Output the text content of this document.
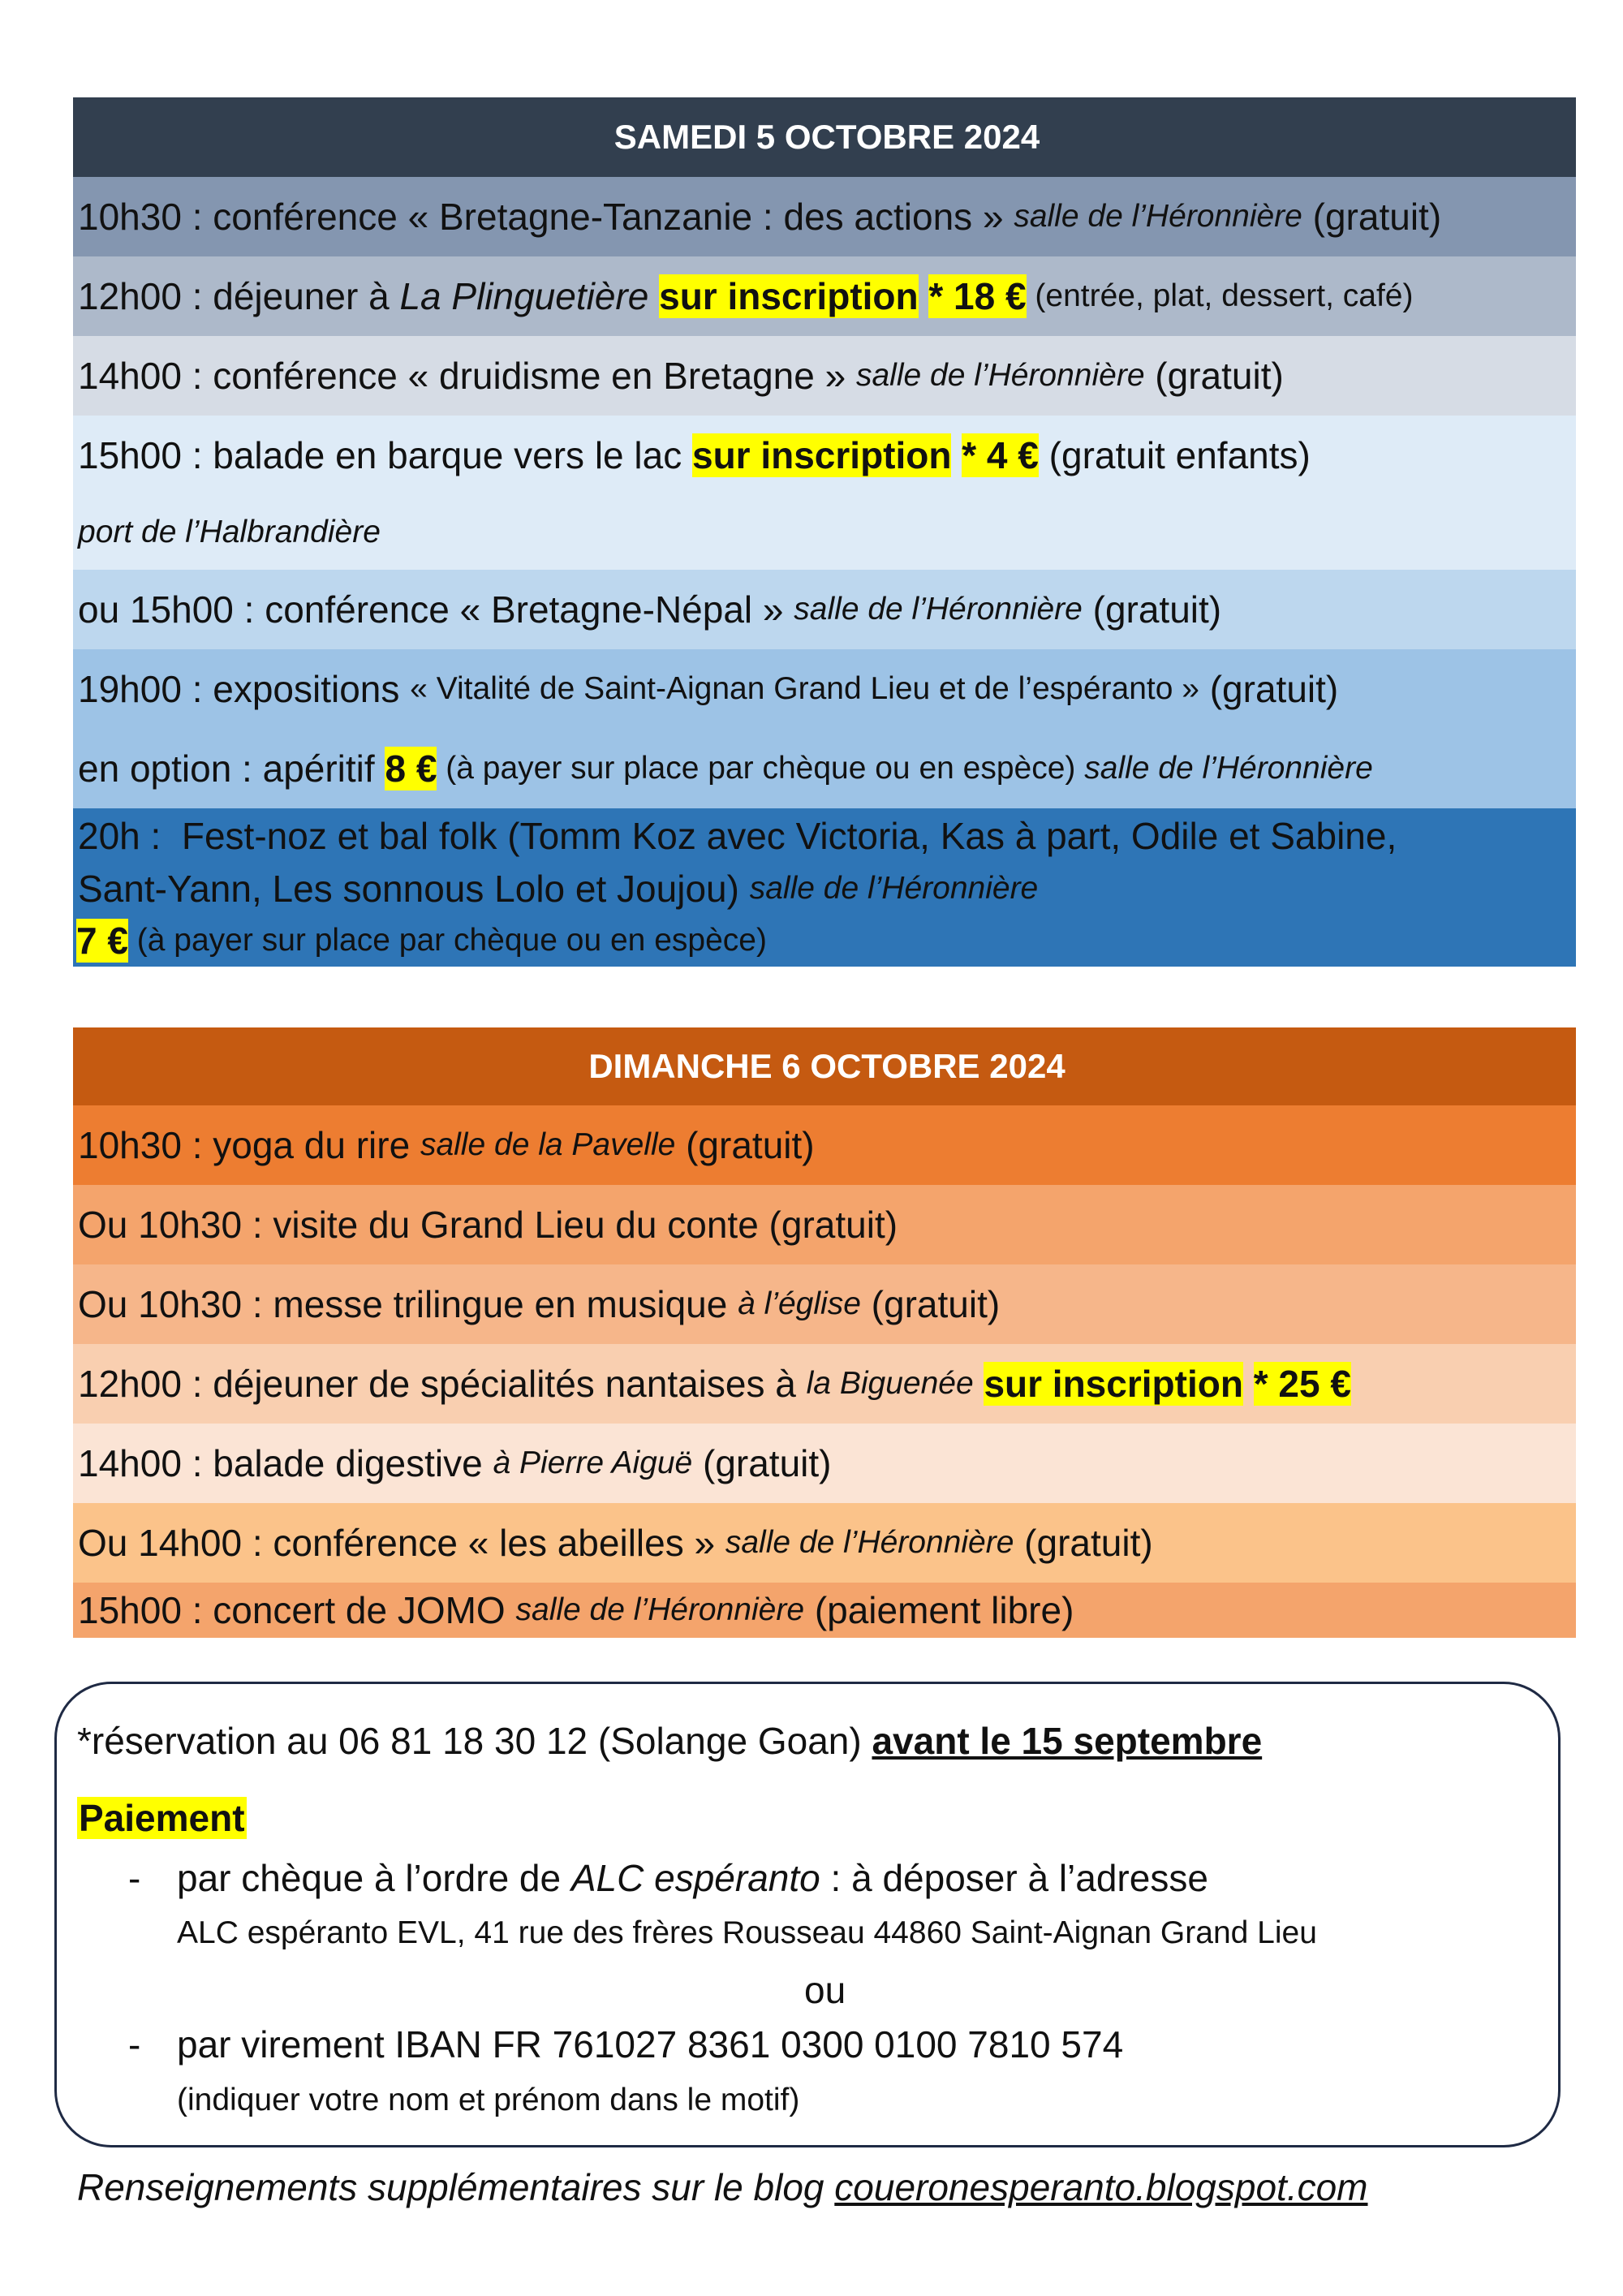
SAMEDI 5 OCTOBRE 2024
10h30 : conférence « Bretagne-Tanzanie : des actions » salle de l’Héronnière (gratuit)
12h00 : déjeuner à La Plinguetière
sur inscription
* 18 € (entrée, plat, dessert, café)
14h00 : conférence « druidisme en Bretagne » salle de l’Héronnière (gratuit)
15h00 : balade en barque vers le lac sur inscription
* 4 € (gratuit enfants)
port de l’Halbrandière
ou 15h00 : conférence « Bretagne-Népal » salle de l’Héronnière (gratuit)
19h00 : expositions « Vitalité de Saint-Aignan Grand Lieu et de l’espéranto » (gratuit)
en option : apéritif 8 € (à payer sur place par chèque ou en espèce) salle de l’Héronnière
20h :  Fest-noz et bal folk (Tomm Koz avec Victoria, Kas à part, Odile et Sabine,
Sant-Yann, Les sonnous Lolo et Joujou) salle de l’Héronnière
7 € (à payer sur place par chèque ou en espèce)
DIMANCHE 6 OCTOBRE 2024
10h30 : yoga du rire salle de la Pavelle (gratuit)
Ou 10h30 : visite du Grand Lieu du conte (gratuit)
Ou 10h30 : messe trilingue en musique à l’église (gratuit)
12h00 : déjeuner de spécialités nantaises à la Biguenée
sur inscription
* 25 €
14h00 : balade digestive à Pierre Aiguë (gratuit)
Ou 14h00 : conférence « les abeilles » salle de l’Héronnière (gratuit)
15h00 : concert de JOMO salle de l’Héronnière (paiement libre)
*réservation au 06 81 18 30 12 (Solange Goan) avant le 15 septembre
Paiement
- par chèque à l’ordre de ALC espéranto : à déposer à l’adresse
ALC espéranto EVL, 41 rue des frères Rousseau 44860 Saint-Aignan Grand Lieu
ou
- par virement IBAN FR 761027 8361 0300 0100 7810 574
(indiquer votre nom et prénom dans le motif)
Renseignements supplémentaires sur le blog coueronesperanto.blogspot.com
